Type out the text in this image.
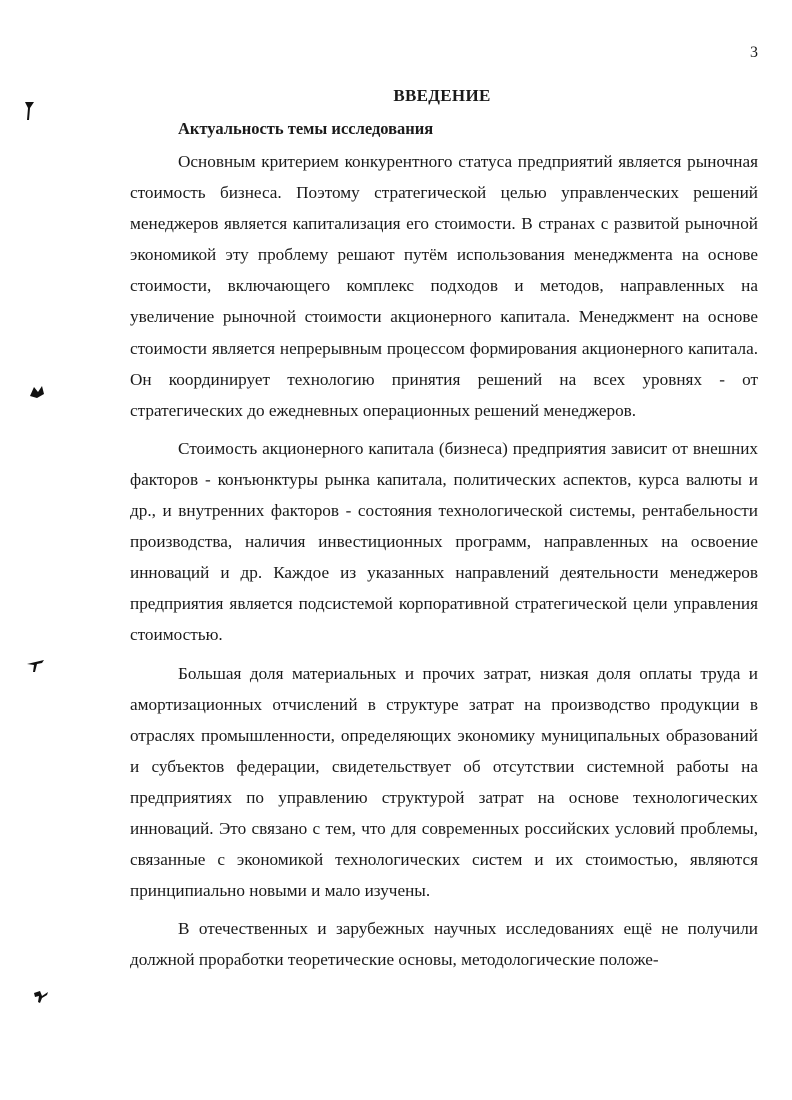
3
ВВЕДЕНИЕ
Актуальность темы исследования

Основным критерием конкурентного статуса предприятий является рыночная стоимость бизнеса. Поэтому стратегической целью управленческих решений менеджеров является капитализация его стоимости. В странах с развитой рыночной экономикой эту проблему решают путём использования менеджмента на основе стоимости, включающего комплекс подходов и методов, направленных на увеличение рыночной стоимости акционерного капитала. Менеджмент на основе стоимости является непрерывным процессом формирования акционерного капитала. Он координирует технологию принятия решений на всех уровнях - от стратегических до ежедневных операционных решений менеджеров.

Стоимость акционерного капитала (бизнеса) предприятия зависит от внешних факторов - конъюнктуры рынка капитала, политических аспектов, курса валюты и др., и внутренних факторов - состояния технологической системы, рентабельности производства, наличия инвестиционных программ, направленных на освоение инноваций и др. Каждое из указанных направлений деятельности менеджеров предприятия является подсистемой корпоративной стратегической цели управления стоимостью.

Большая доля материальных и прочих затрат, низкая доля оплаты труда и амортизационных отчислений в структуре затрат на производство продукции в отраслях промышленности, определяющих экономику муниципальных образований и субъектов федерации, свидетельствует об отсутствии системной работы на предприятиях по управлению структурой затрат на основе технологических инноваций. Это связано с тем, что для современных российских условий проблемы, связанные с экономикой технологических систем и их стоимостью, являются принципиально новыми и мало изучены.

В отечественных и зарубежных научных исследованиях ещё не получили должной проработки теоретические основы, методологические положе-
